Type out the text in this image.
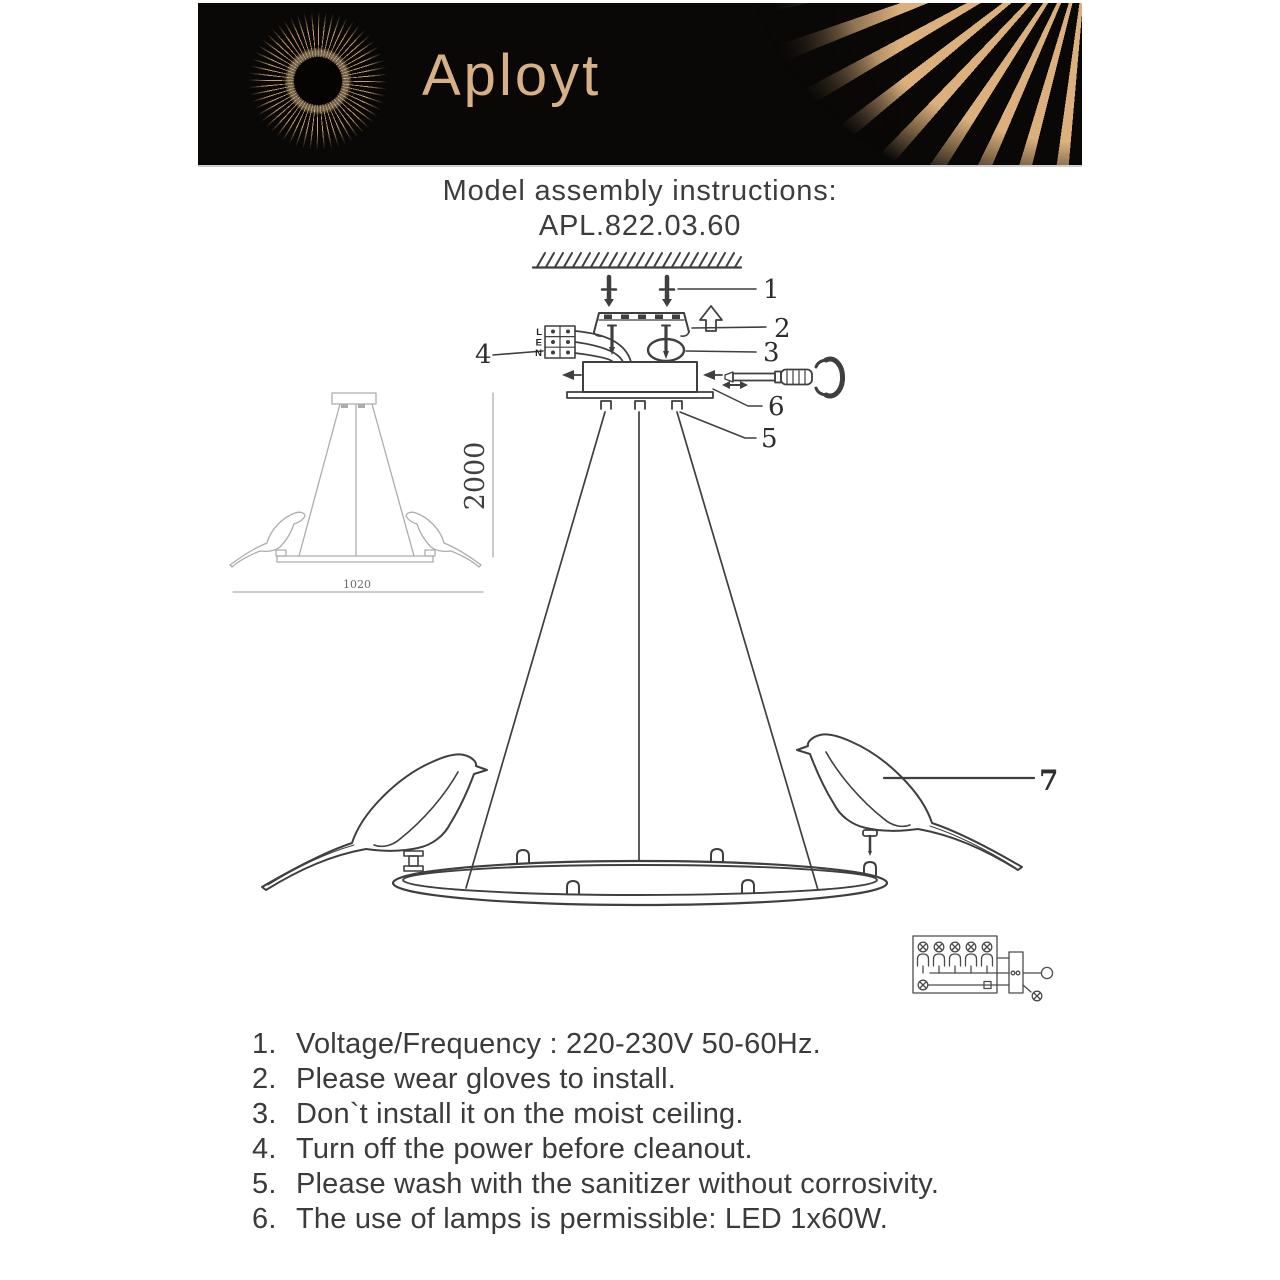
Aployt
Model assembly instructions:
APL.822.03.60
1
2
3
4
5
6
7
L
E
N
2000
1020
1. Voltage/Frequency : 220-230V 50-60Hz.
2. Please wear gloves to install.
3. Don`t install it on the moist ceiling.
4. Turn off the power before cleanout.
5. Please wash with the sanitizer without corrosivity.
6. The use of lamps is permissible: LED 1x60W.
